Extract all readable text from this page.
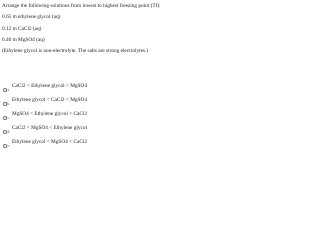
Arrange the following solutions from lowest to highest freezing point (Tf):

0.65 m ethylene glycol (aq)

0.12 m CaCl2 (aq)

0.40 m MgSO4 (aq)

(Ethylene glycol is non-electrolyte. The salts are strong electrolytes.)

CaCl2 < Ethylene glycol < MgSO4
a.
Ethylene glycol < CaCl2 < MgSO4
b.
MgSO4 < Ethylene glycol < CaCl2
c.
CaCl2 < MgSO4 < Ethylene glycol
d.
Ethylene glycol < MgSO4 < CaCl2
e.
